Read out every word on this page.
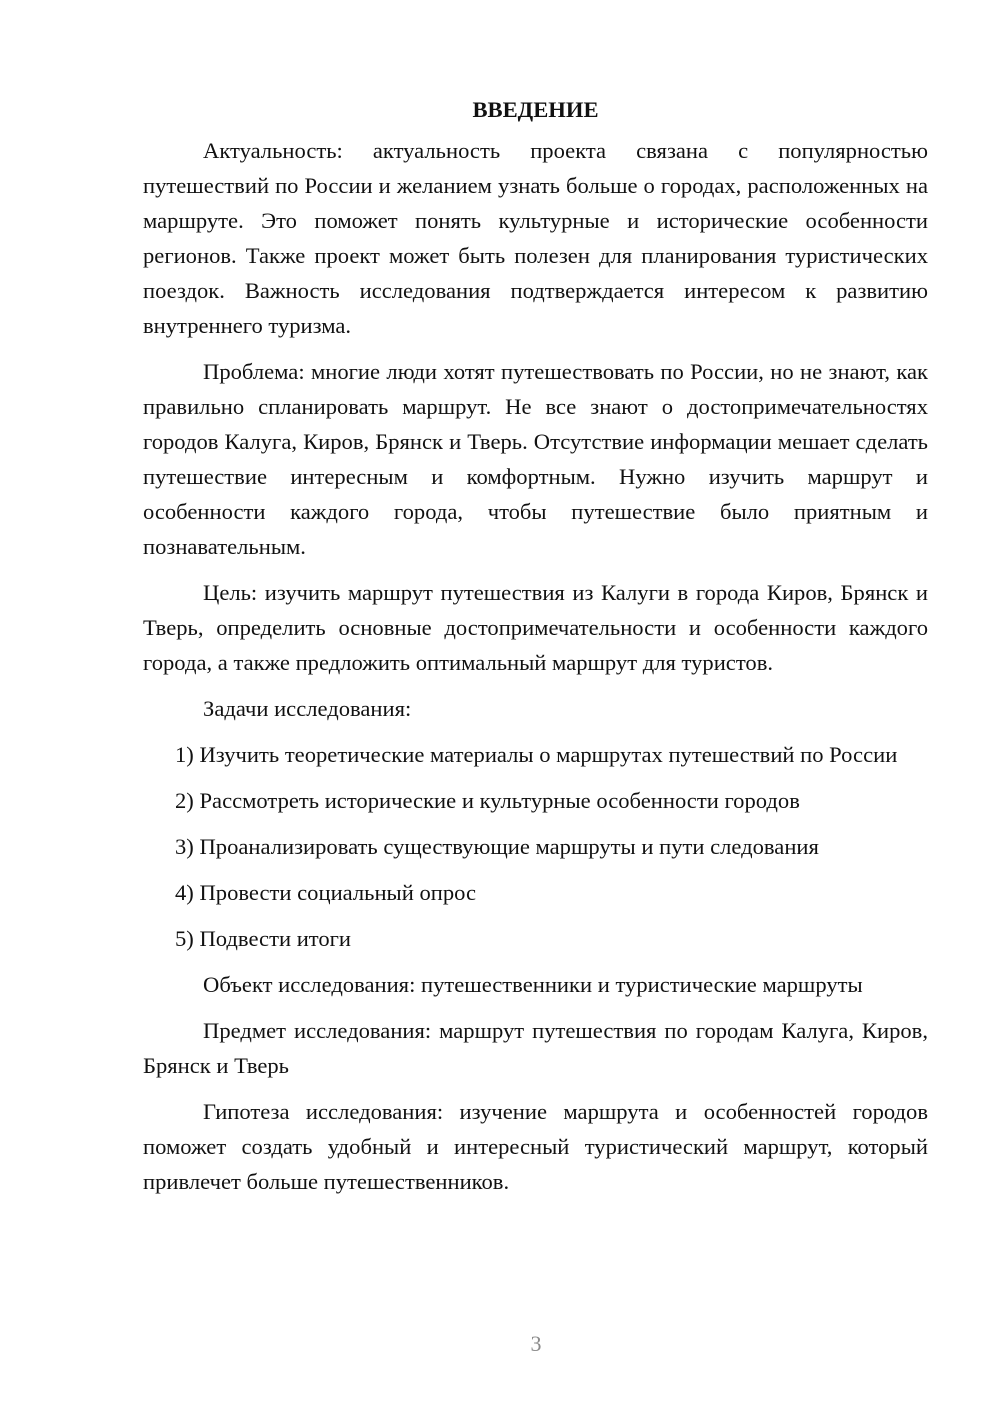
ВВЕДЕНИЕ

Актуальность: актуальность проекта связана с популярностью путешествий по России и желанием узнать больше о городах, расположенных на маршруте. Это поможет понять культурные и исторические особенности регионов. Также проект может быть полезен для планирования туристических поездок. Важность исследования подтверждается интересом к развитию внутреннего туризма.

Проблема: многие люди хотят путешествовать по России, но не знают, как правильно спланировать маршрут. Не все знают о достопримечательностях городов Калуга, Киров, Брянск и Тверь. Отсутствие информации мешает сделать путешествие интересным и комфортным. Нужно изучить маршрут и особенности каждого города, чтобы путешествие было приятным и познавательным.

Цель: изучить маршрут путешествия из Калуги в города Киров, Брянск и Тверь, определить основные достопримечательности и особенности каждого города, а также предложить оптимальный маршрут для туристов.

Задачи исследования:

1) Изучить теоретические материалы о маршрутах путешествий по России

2) Рассмотреть исторические и культурные особенности городов

3) Проанализировать существующие маршруты и пути следования

4) Провести социальный опрос

5) Подвести итоги

Объект исследования: путешественники и туристические маршруты

Предмет исследования: маршрут путешествия по городам Калуга, Киров, Брянск и Тверь

Гипотеза исследования: изучение маршрута и особенностей городов поможет создать удобный и интересный туристический маршрут, который привлечет больше путешественников.

3
